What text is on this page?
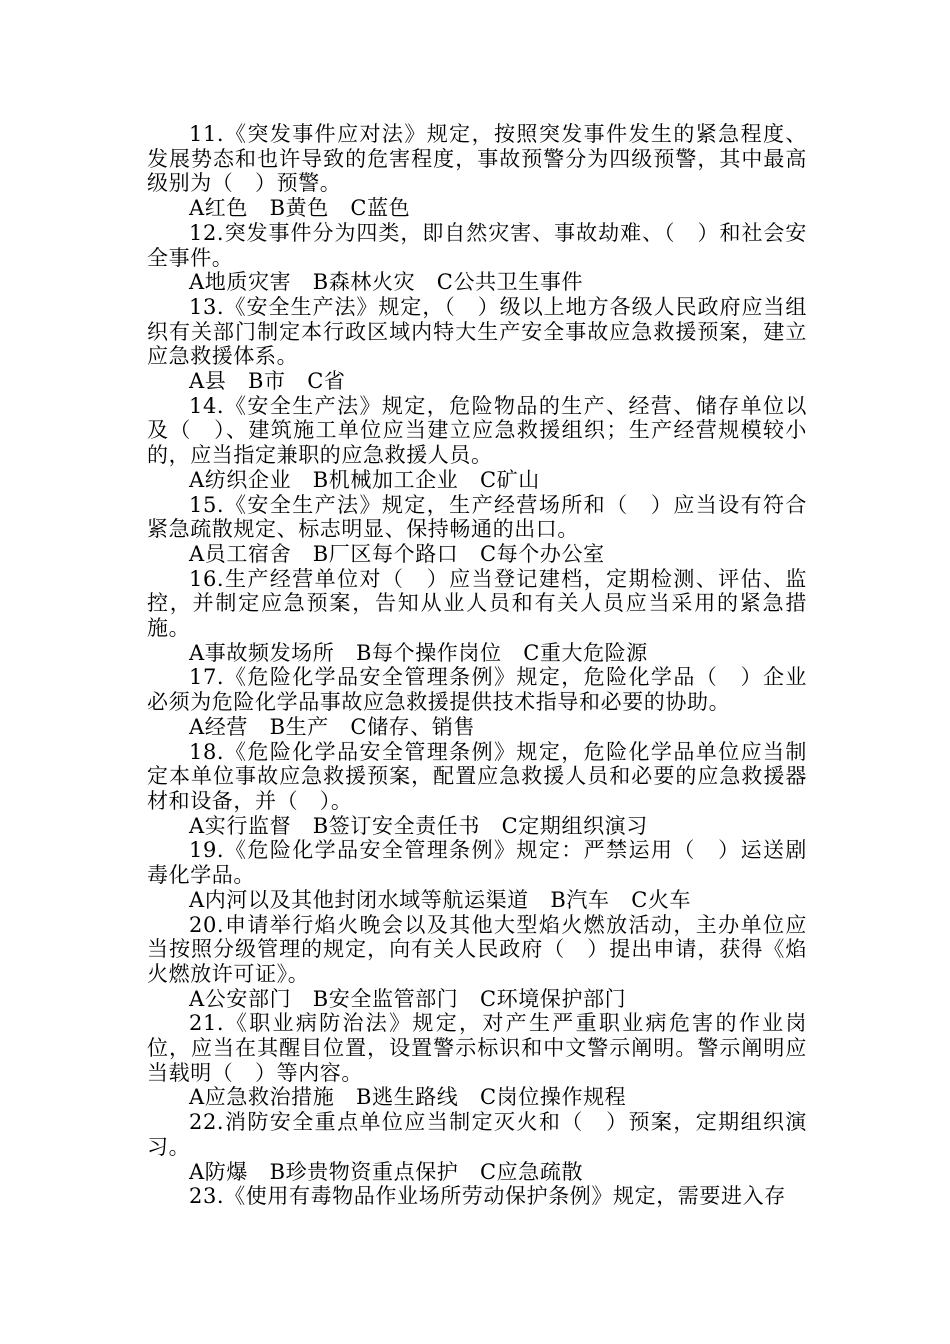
11.《突发事件应对法》规定，按照突发事件发生的紧急程度、发展势态和也许导致的危害程度，事故预警分为四级预警，其中最高级别为（　）预警。

A红色　B黄色　C蓝色

12.突发事件分为四类，即自然灾害、事故劫难、（　）和社会安全事件。

A地质灾害　B森林火灾　C公共卫生事件

13.《安全生产法》规定，（　）级以上地方各级人民政府应当组织有关部门制定本行政区域内特大生产安全事故应急救援预案，建立应急救援体系。

A县　B市　C省

14.《安全生产法》规定，危险物品的生产、经营、储存单位以及（　）、建筑施工单位应当建立应急救援组织；生产经营规模较小的，应当指定兼职的应急救援人员。

A纺织企业　B机械加工企业　C矿山

15.《安全生产法》规定，生产经营场所和（　）应当设有符合紧急疏散规定、标志明显、保持畅通的出口。

A员工宿舍　B厂区每个路口　C每个办公室

16.生产经营单位对（　）应当登记建档，定期检测、评估、监控，并制定应急预案，告知从业人员和有关人员应当采用的紧急措施。

A事故频发场所　B每个操作岗位　C重大危险源

17.《危险化学品安全管理条例》规定，危险化学品（　）企业必须为危险化学品事故应急救援提供技术指导和必要的协助。

A经营　B生产　C储存、销售

18.《危险化学品安全管理条例》规定，危险化学品单位应当制定本单位事故应急救援预案，配置应急救援人员和必要的应急救援器材和设备，并（　）。

A实行监督　B签订安全责任书　C定期组织演习

19.《危险化学品安全管理条例》规定：严禁运用（　）运送剧毒化学品。

A内河以及其他封闭水域等航运渠道　B汽车　C火车

20.申请举行焰火晚会以及其他大型焰火燃放活动，主办单位应当按照分级管理的规定，向有关人民政府（　）提出申请，获得《焰火燃放许可证》。

A公安部门　B安全监管部门　C环境保护部门

21.《职业病防治法》规定，对产生严重职业病危害的作业岗位，应当在其醒目位置，设置警示标识和中文警示阐明。警示阐明应当载明（　）等内容。

A应急救治措施　B逃生路线　C岗位操作规程

22.消防安全重点单位应当制定灭火和（　）预案，定期组织演习。

A防爆　B珍贵物资重点保护　C应急疏散

23.《使用有毒物品作业场所劳动保护条例》规定，需要进入存
